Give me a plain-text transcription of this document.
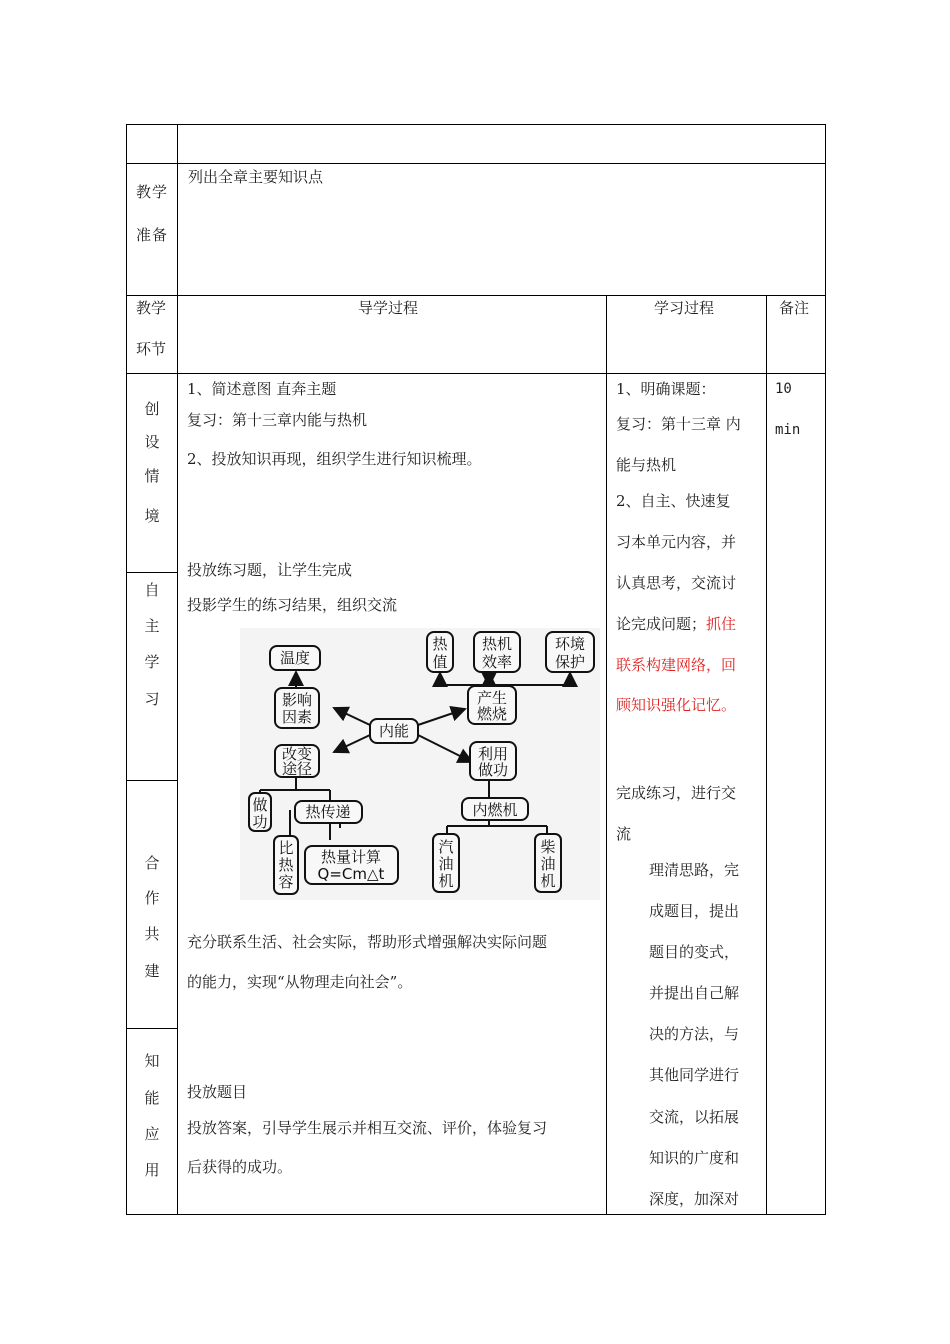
教 学
准 备
列出全章主要知识点
教学
环节
导学过程	学习过程	备注
创
设
情
境
自
主
学
习
合
作
共
建
知
能
应
用
1、简述意图 直奔主题
复习：第十三章内能与热机
2、投放知识再现，组织学生进行知识梳理。
投放练习题，让学生完成
投影学生的练习结果，组织交流
充分联系生活、社会实际，帮助形式增强解决实际问题
的能力，实现“从物理走向社会”。
投放题目
投放答案，引导学生展示并相互交流、评价，体验复习
后获得的成功。
内能
温度
影响
因素
改变
途径
做
功
热传递
比
热
容
热量计算
Q=Cm△t
热
值
热机
效率
环境
保护
产生
燃烧
利用
做功
内燃机
汽
油
机
柴
油
机
1、明确课题：
复习：第十三章 内
能与热机
2、自主、快速复
习本单元内容，并
认真思考，交流讨
论完成问题；抓住
联系构建网络，回
顾知识强化记忆。
完成练习，进行交
流
理清思路，完
成题目，提出
题目的变式，
并提出自己解
决的方法，与
其他同学进行
交流，以拓展
知识的广度和
深度，加深对
10
min
